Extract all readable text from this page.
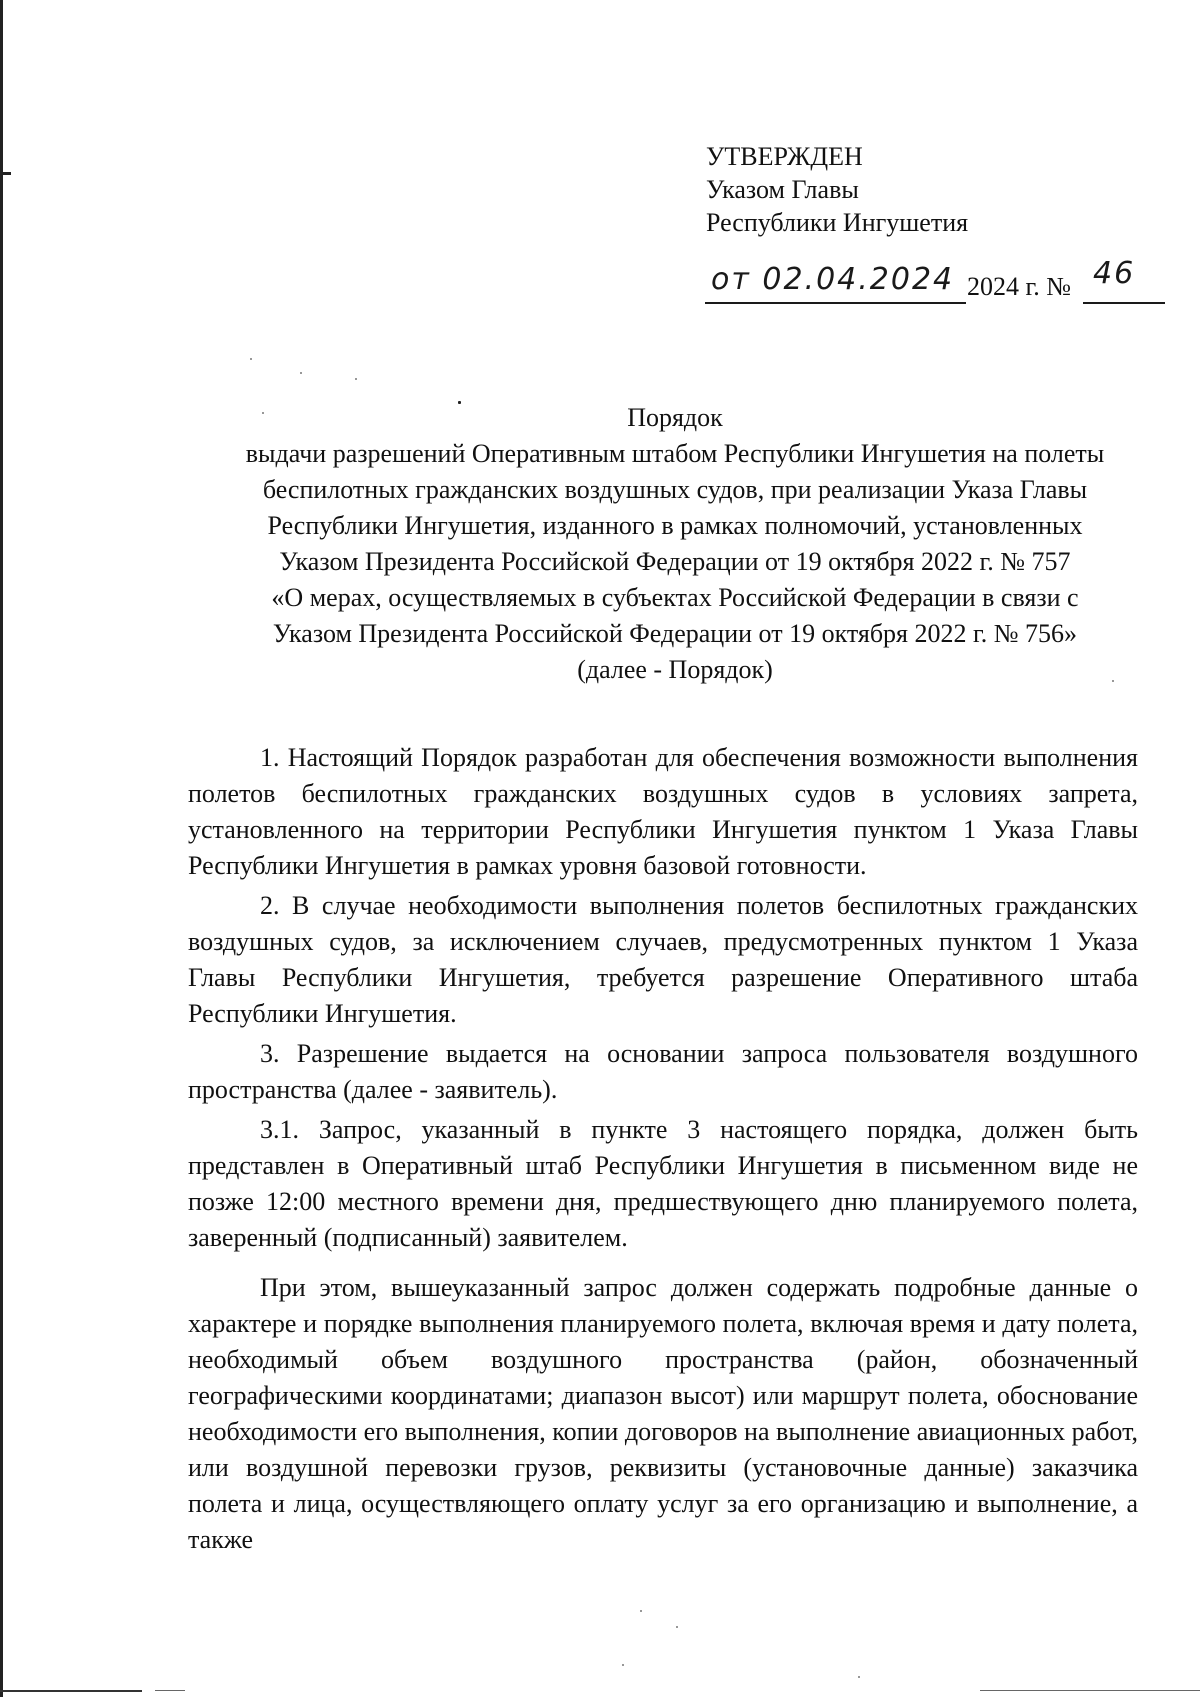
УТВЕРЖДЕН
Указом Главы
Республики Ингушетия
от 02.04.2024 2024 г. № 46
Порядок
выдачи разрешений Оперативным штабом Республики Ингушетия на полеты
беспилотных гражданских воздушных судов, при реализации Указа Главы
Республики Ингушетия, изданного в рамках полномочий, установленных
Указом Президента Российской Федерации от 19 октября 2022 г. № 757
«О мерах, осуществляемых в субъектах Российской Федерации в связи с
Указом Президента Российской Федерации от 19 октября 2022 г. № 756»
(далее - Порядок)

1. Настоящий Порядок разработан для обеспечения возможности выполнения полетов беспилотных гражданских воздушных судов в условиях запрета, установленного на территории Республики Ингушетия пунктом 1 Указа Главы Республики Ингушетия в рамках уровня базовой готовности.

2. В случае необходимости выполнения полетов беспилотных гражданских воздушных судов, за исключением случаев, предусмотренных пунктом 1 Указа Главы Республики Ингушетия, требуется разрешение Оперативного штаба Республики Ингушетия.

3. Разрешение выдается на основании запроса пользователя воздушного пространства (далее - заявитель).

3.1. Запрос, указанный в пункте 3 настоящего порядка, должен быть представлен в Оперативный штаб Республики Ингушетия в письменном виде не позже 12:00 местного времени дня, предшествующего дню планируемого полета, заверенный (подписанный) заявителем.

При этом, вышеуказанный запрос должен содержать подробные данные о характере и порядке выполнения планируемого полета, включая время и дату полета, необходимый объем воздушного пространства (район, обозначенный географическими координатами; диапазон высот) или маршрут полета, обоснование необходимости его выполнения, копии договоров на выполнение авиационных работ, или воздушной перевозки грузов, реквизиты (установочные данные) заказчика полета и лица, осуществляющего оплату услуг за его организацию и выполнение, а также
